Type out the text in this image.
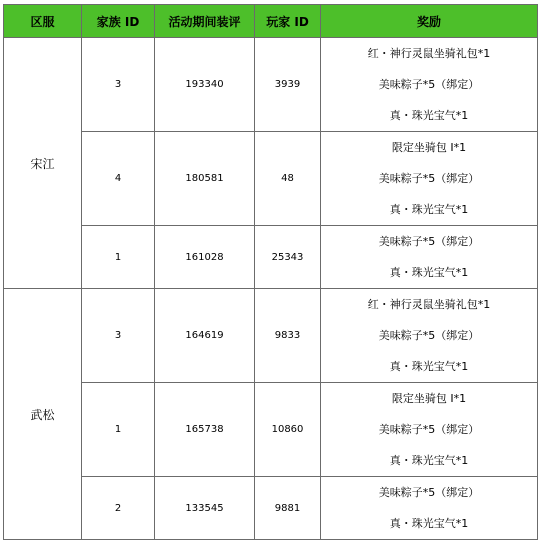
区服	家族 ID	活动期间装评	玩家 ID	奖励
宋江	3	193340	3939	红・神行灵鼠坐骑礼包*1
美味粽子*5（绑定）
真・珠光宝气*1

	4	180581	48	限定坐骑包 I*1
美味粽子*5（绑定）
真・珠光宝气*1

	1	161028	25343	美味粽子*5（绑定）
真・珠光宝气*1

武松	3	164619	9833	红・神行灵鼠坐骑礼包*1
美味粽子*5（绑定）
真・珠光宝气*1

	1	165738	10860	限定坐骑包 I*1
美味粽子*5（绑定）
真・珠光宝气*1

	2	133545	9881	美味粽子*5（绑定）
真・珠光宝气*1
